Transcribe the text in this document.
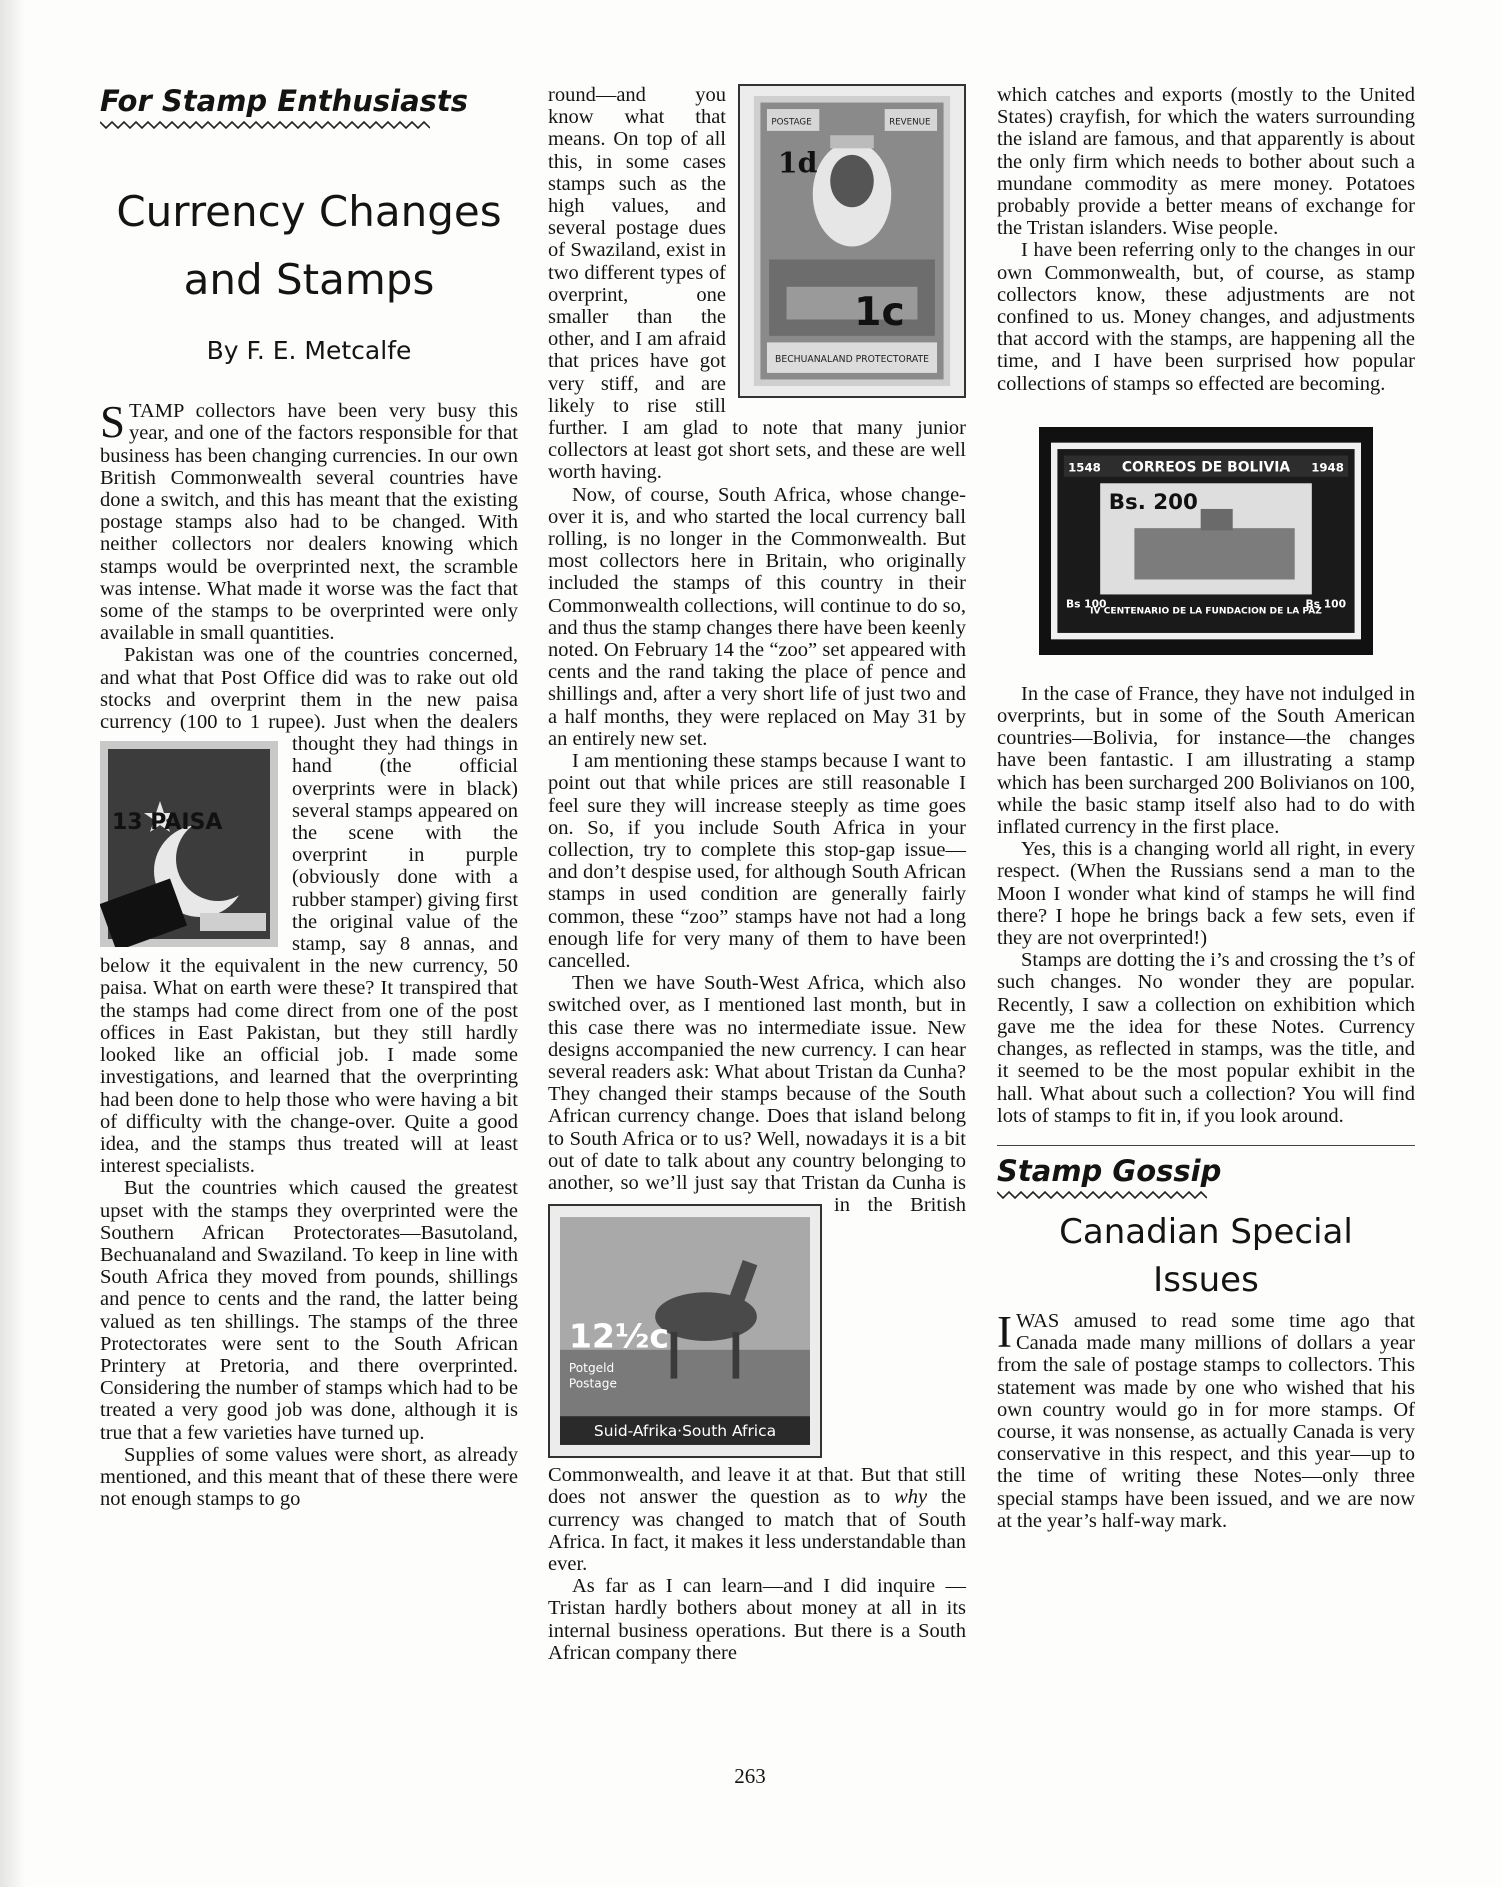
For Stamp Enthusiasts
Currency Changes
and Stamps
By F. E. Metcalfe

STAMP collectors have been very busy this year, and one of the factors responsible for that business has been changing currencies. In our own British Commonwealth several countries have done a switch, and this has meant that the existing postage stamps also had to be changed. With neither collectors nor dealers knowing which stamps would be overprinted next, the scramble was intense. What made it worse was the fact that some of the stamps to be overprinted were only available in small quantities.

Pakistan was one of the countries concerned, and what that Post Office did was to rake out old stocks and overprint them in the new paisa currency (100 to 1 rupee). Just when the dealers thought they had
13 PAISA
things in hand (the official overprints were in black) several stamps appeared on the scene with the overprint in purple (obviously done with a rubber stamper) giving first the original value of the stamp, say 8 annas, and below it the equivalent in the new currency, 50 paisa. What on earth were these? It transpired that the stamps had come direct from one of the post offices in East Pakistan, but they still hardly looked like an official job. I made some investigations, and learned that the overprinting had been done to help those who were having a bit of difficulty with the change-over. Quite a good idea, and the stamps thus treated will at least interest specialists.

But the countries which caused the greatest upset with the stamps they overprinted were the Southern African Protectorates—Basutoland, Bechuanaland and Swaziland. To keep in line with South Africa they moved from pounds, shillings and pence to cents and the rand, the latter being valued as ten shillings. The stamps of the three Protectorates were sent to the South African Printery at Pretoria, and there overprinted. Considering the number of stamps which had to be treated a very good job was done, although it is true that a few varieties have turned up.

Supplies of some values were short, as already mentioned, and this meant that of these there were not enough stamps to go

POSTAGE	REVENUE
1d
1c
BECHUANALAND PROTECTORATE
round—and you know what that means. On top of all this, in some cases stamps such as the high values, and several postage dues of Swaziland, exist in two different types of overprint, one smaller than the other, and I am afraid that prices have got very stiff, and are likely to rise still further. I am glad to note that many junior collectors at least got short sets, and these are well worth having.

Now, of course, South Africa, whose change-over it is, and who started the local currency ball rolling, is no longer in the Commonwealth. But most collectors here in Britain, who originally included the stamps of this country in their Commonwealth collections, will continue to do so, and thus the stamp changes there have been keenly noted. On February 14 the “zoo” set appeared with cents and the rand taking the place of pence and shillings and, after a very short life of just two and a half months, they were replaced on May 31 by an entirely new set.

I am mentioning these stamps because I want to point out that while prices are still reasonable I feel sure they will increase steeply as time goes on. So, if you include South Africa in your collection, try to complete this stop-gap issue—and don’t despise used, for although South African stamps in used condition are generally fairly common, these “zoo” stamps have not had a long enough life for very many of them to have been cancelled.

Then we have South-West Africa, which also switched over, as I mentioned last month, but in this case there was no intermediate issue. New designs accompanied the new currency. I can hear several readers ask: What about Tristan da Cunha? They changed their stamps because of the South African currency change. Does that island belong to South Africa or to us? Well, nowadays it is a bit out of date to talk about any country belonging to another, so we’ll just say
12½c
Potgeld
Postage
Suid-Afrika·South Africa
that Tristan da Cunha is in the British Commonwealth, and leave it at that. But that still does not answer the question as to why the currency was changed to match that of South Africa. In fact, it makes it less understandable than ever.

As far as I can learn—and I did inquire —Tristan hardly bothers about money at all in its internal business operations. But there is a South African company there

which catches and exports (mostly to the United States) crayfish, for which the waters surrounding the island are famous, and that apparently is about the only firm which needs to bother about such a mundane commodity as mere money. Potatoes probably provide a better means of exchange for the Tristan islanders. Wise people.

I have been referring only to the changes in our own Commonwealth, but, of course, as stamp collectors know, these adjustments are not confined to us. Money changes, and adjustments that accord with the stamps, are happening all the time, and I have been surprised how popular collections of stamps so effected are becoming.

1548 CORREOS DE BOLIVIA 1948
Bs. 200
Bs 100	Bs 100
IV CENTENARIO DE LA FUNDACION DE LA PAZ

In the case of France, they have not indulged in overprints, but in some of the South American countries—Bolivia, for instance—the changes have been fantastic. I am illustrating a stamp which has been surcharged 200 Bolivianos on 100, while the basic stamp itself also had to do with inflated currency in the first place.

Yes, this is a changing world all right, in every respect. (When the Russians send a man to the Moon I wonder what kind of stamps he will find there? I hope he brings back a few sets, even if they are not overprinted!)

Stamps are dotting the i’s and crossing the t’s of such changes. No wonder they are popular. Recently, I saw a collection on exhibition which gave me the idea for these Notes. Currency changes, as reflected in stamps, was the title, and it seemed to be the most popular exhibit in the hall. What about such a collection? You will find lots of stamps to fit in, if you look around.

Stamp Gossip
Canadian Special
Issues

IWAS amused to read some time ago that Canada made many millions of dollars a year from the sale of postage stamps to collectors. This statement was made by one who wished that his own country would go in for more stamps. Of course, it was nonsense, as actually Canada is very conservative in this respect, and this year—up to the time of writing these Notes—only three special stamps have been issued, and we are now at the year’s half-way mark.

263
